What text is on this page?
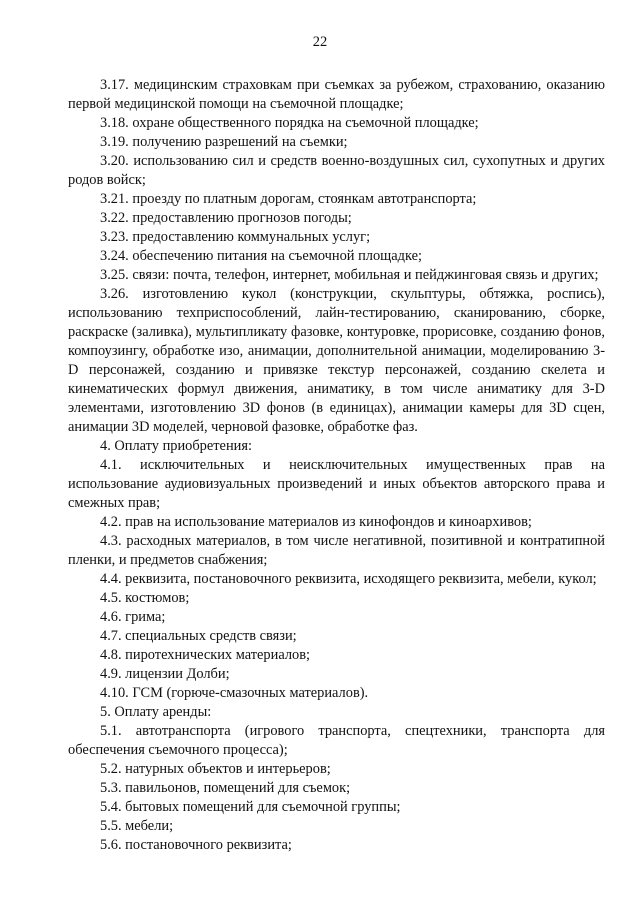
22

3.17. медицинским страховкам при съемках за рубежом, страхованию, оказанию первой медицинской помощи на съемочной площадке;

3.18. охране общественного порядка на съемочной площадке;

3.19. получению разрешений на съемки;

3.20. использованию сил и средств военно-воздушных сил, сухопутных и других родов войск;

3.21. проезду по платным дорогам, стоянкам автотранспорта;

3.22. предоставлению прогнозов погоды;

3.23. предоставлению коммунальных услуг;

3.24. обеспечению питания на съемочной площадке;

3.25. связи: почта, телефон, интернет, мобильная и пейджинговая связь и других;

3.26. изготовлению кукол (конструкции, скульптуры, обтяжка, роспись), использованию техприспособлений, лайн-тестированию, сканированию, сборке, раскраске (заливка), мультипликату фазовке, контуровке, прорисовке, созданию фонов, компоузингу, обработке изо, анимации, дополнительной анимации, моделированию 3-D персонажей, созданию и привязке текстур персонажей, созданию скелета и кинематических формул движения, аниматику, в том числе аниматику для 3-D элементами, изготовлению 3D фонов (в единицах), анимации камеры для 3D сцен, анимации 3D моделей, черновой фазовке, обработке фаз.

4. Оплату приобретения:

4.1. исключительных и неисключительных имущественных прав на использование аудиовизуальных произведений и иных объектов авторского права и смежных прав;

4.2. прав на использование материалов из кинофондов и киноархивов;

4.3. расходных материалов, в том числе негативной, позитивной и контратипной пленки, и предметов снабжения;

4.4. реквизита, постановочного реквизита, исходящего реквизита, мебели, кукол;

4.5. костюмов;

4.6. грима;

4.7. специальных средств связи;

4.8. пиротехнических материалов;

4.9. лицензии Долби;

4.10. ГСМ (горюче-смазочных материалов).

5. Оплату аренды:

5.1. автотранспорта (игрового транспорта, спецтехники, транспорта для обеспечения съемочного процесса);

5.2. натурных объектов и интерьеров;

5.3. павильонов, помещений для съемок;

5.4. бытовых помещений для съемочной группы;

5.5. мебели;

5.6. постановочного реквизита;
